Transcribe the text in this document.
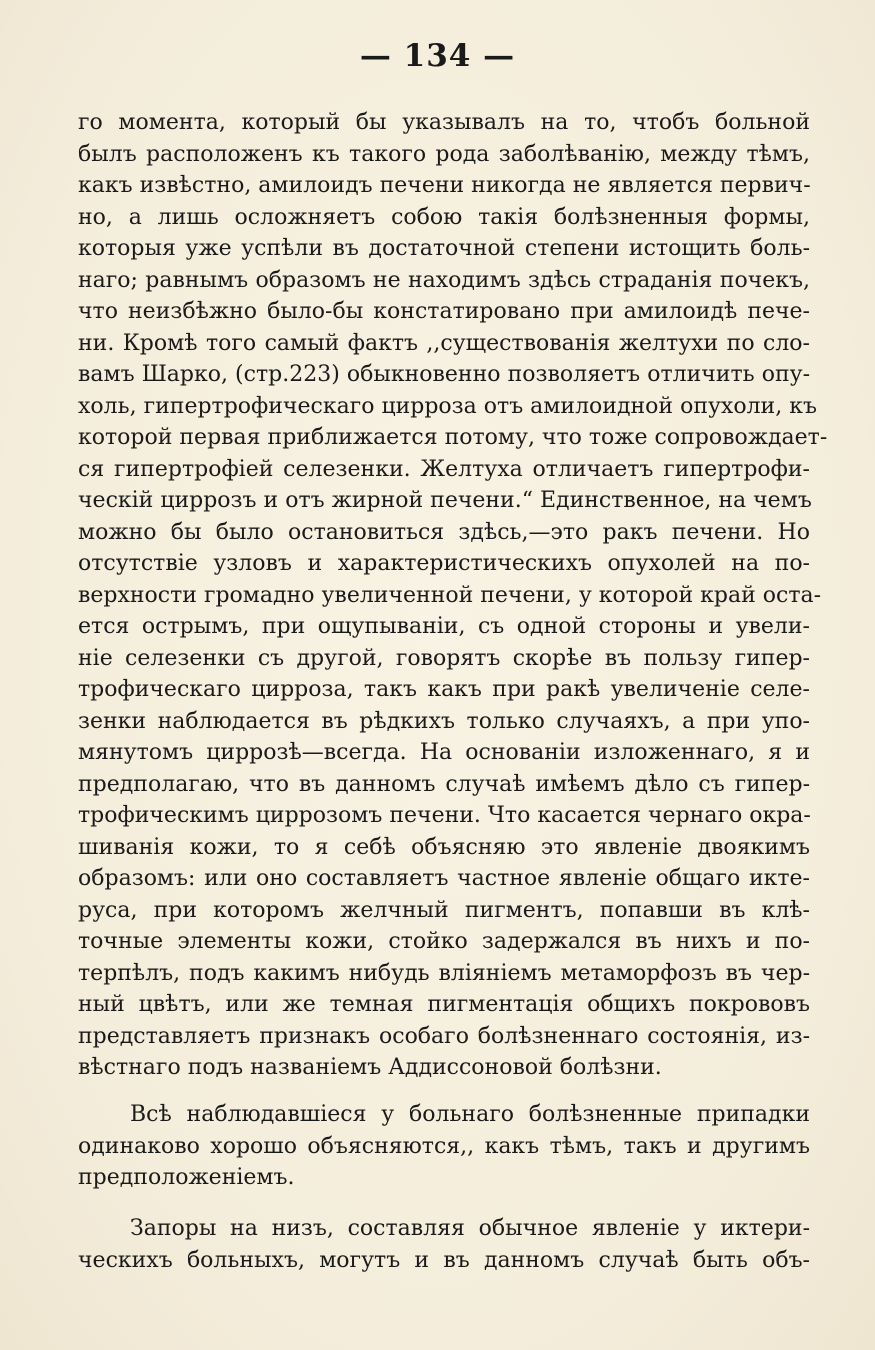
— 134 —
го момента, который бы указывалъ на то, чтобъ больной
былъ расположенъ къ такого рода заболѣванію, между тѣмъ,
какъ извѣстно, амилоидъ печени никогда не является первич-
но, а лишь осложняетъ собою такія болѣзненныя формы,
которыя уже успѣли въ достаточной степени истощить боль-
наго; равнымъ образомъ не находимъ здѣсь страданія почекъ,
что неизбѣжно было-бы констатировано при амилоидѣ пече-
ни. Кромѣ того самый фактъ ,,существованія желтухи по сло-
вамъ Шарко, (стр.223) обыкновенно позволяетъ отличить опу-
холь, гипертрофическаго цирроза отъ амилоидной опухоли, къ
которой первая приближается потому, что тоже сопровождает-
ся гипертрофіей селезенки. Желтуха отличаетъ гипертрофи-
ческій циррозъ и отъ жирной печени.“ Единственное, на чемъ
можно бы было остановиться здѣсь,—это ракъ печени. Но
отсутствіе узловъ и характеристическихъ опухолей на по-
верхности громадно увеличенной печени, у которой край оста-
ется острымъ, при ощупываніи, съ одной стороны и увели-
ніе селезенки съ другой, говорятъ скорѣе въ пользу гипер-
трофическаго цирроза, такъ какъ при ракѣ увеличеніе селе-
зенки наблюдается въ рѣдкихъ только случаяхъ, а при упо-
мянутомъ циррозѣ—всегда. На основаніи изложеннаго, я и
предполагаю, что въ данномъ случаѣ имѣемъ дѣло съ гипер-
трофическимъ циррозомъ печени. Что касается чернаго окра-
шиванія кожи, то я себѣ объясняю это явленіе двоякимъ
образомъ: или оно составляетъ частное явленіе общаго икте-
руса, при которомъ желчный пигментъ, попавши въ клѣ-
точные элементы кожи, стойко задержался въ нихъ и по-
терпѣлъ, подъ какимъ нибудь вліяніемъ метаморфозъ въ чер-
ный цвѣтъ, или же темная пигментація общихъ покрововъ
представляетъ признакъ особаго болѣзненнаго состоянія, из-
вѣстнаго подъ названіемъ Аддиссоновой болѣзни.
Всѣ наблюдавшіеся у больнаго болѣзненные припадки
одинаково хорошо объясняются,, какъ тѣмъ, такъ и другимъ
предположеніемъ.
Запоры на низъ, составляя обычное явленіе у иктери-
ческихъ больныхъ, могутъ и въ данномъ случаѣ быть объ-
